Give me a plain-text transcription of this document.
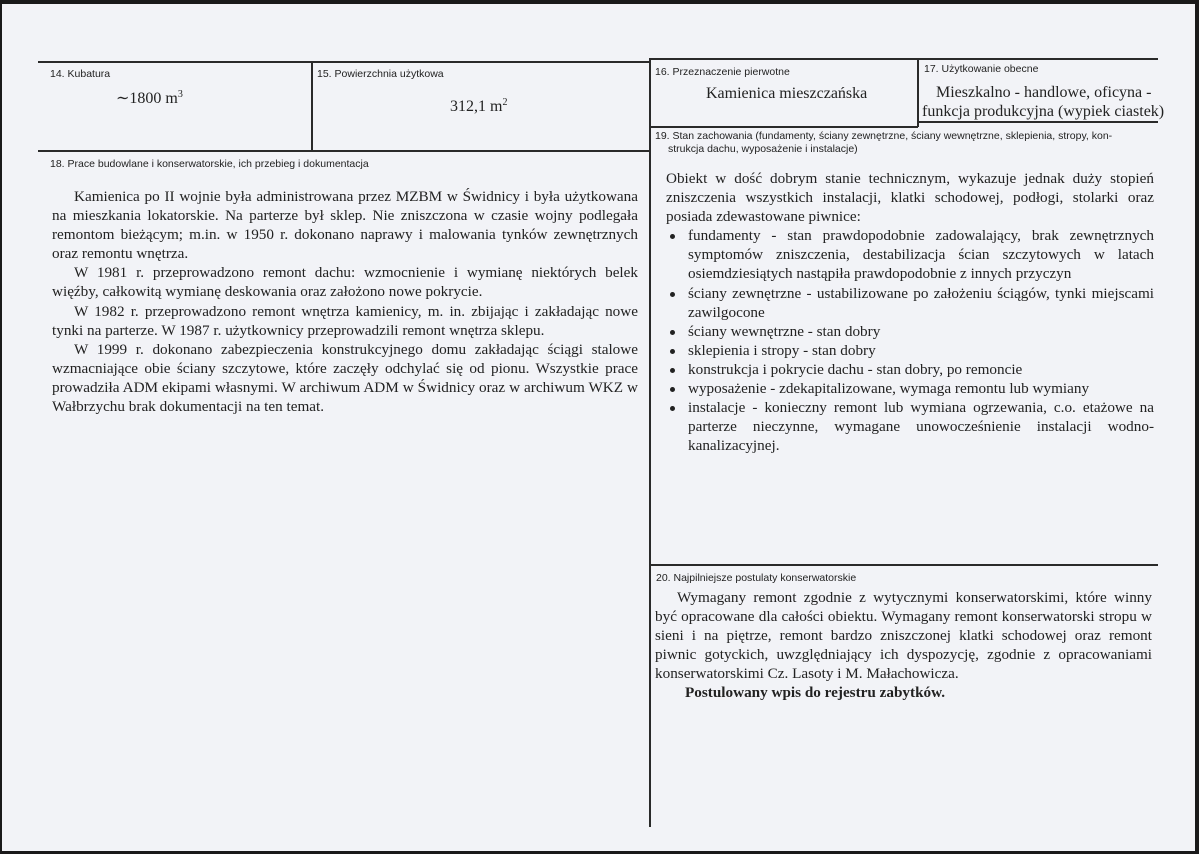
14. Kubatura
∼1800 $m^3$
15. Powierzchnia użytkowa
312,1 $m^2$
16. Przeznaczenie pierwotne
Kamienica mieszczańska
17. Użytkowanie obecne
Mieszkalno - handlowe, oficyna -
funkcja produkcyjna (wypiek ciastek)
18. Prace budowlane i konserwatorskie, ich przebieg i dokumentacja

Kamienica po II wojnie była administrowana przez MZBM w Świdnicy i była użytkowana na mieszkania lokatorskie. Na parterze był sklep. Nie zniszczona w czasie wojny podlegała remontom bieżącym; m.in. w 1950 r. dokonano naprawy i malowania tynków zewnętrznych oraz remontu wnętrza.

W 1981 r. przeprowadzono remont dachu: wzmocnienie i wymianę niektórych belek więźby, całkowitą wymianę deskowania oraz założono nowe pokrycie.

W 1982 r. przeprowadzono remont wnętrza kamienicy, m. in. zbijając i zakładając nowe tynki na parterze. W 1987 r. użytkownicy przeprowadzili remont wnętrza sklepu.

W 1999 r. dokonano zabezpieczenia konstrukcyjnego domu zakładając ściągi stalowe wzmacniające obie ściany szczytowe, które zaczęły odchylać się od pionu. Wszystkie prace prowadziła ADM ekipami własnymi. W archiwum ADM w Świdnicy oraz w archiwum WKZ w Wałbrzychu brak dokumentacji na ten temat.

19. Stan zachowania (fundamenty, ściany zewnętrzne, ściany wewnętrzne, sklepienia, stropy, kon-
strukcja dachu, wyposażenie i instalacje)

Obiekt w dość dobrym stanie technicznym, wykazuje jednak duży stopień zniszczenia wszystkich instalacji, klatki schodowej, podłogi, stolarki oraz posiada zdewastowane piwnice:

fundamenty - stan prawdopodobnie zadowalający, brak zewnętrznych symptomów zniszczenia, destabilizacja ścian szczytowych w latach osiemdziesiątych nastąpiła prawdopodobnie z innych przyczyn
ściany zewnętrzne - ustabilizowane po założeniu ściągów, tynki miejscami zawilgocone
ściany wewnętrzne - stan dobry
sklepienia i stropy - stan dobry
konstrukcja i pokrycie dachu - stan dobry, po remoncie
wyposażenie - zdekapitalizowane, wymaga remontu lub wymiany
instalacje - konieczny remont lub wymiana ogrzewania, c.o. etażowe na parterze nieczynne, wymagane unowocześnienie instalacji wodno-kanalizacyjnej.
20. Najpilniejsze postulaty konserwatorskie

Wymagany remont zgodnie z wytycznymi konserwatorskimi, które winny być opracowane dla całości obiektu. Wymagany remont konserwatorski stropu w sieni i na piętrze, remont bardzo zniszczonej klatki schodowej oraz remont piwnic gotyckich, uwzględniający ich dyspozycję, zgodnie z opracowaniami konserwatorskimi Cz. Lasoty i M. Małachowicza.

Postulowany wpis do rejestru zabytków.
